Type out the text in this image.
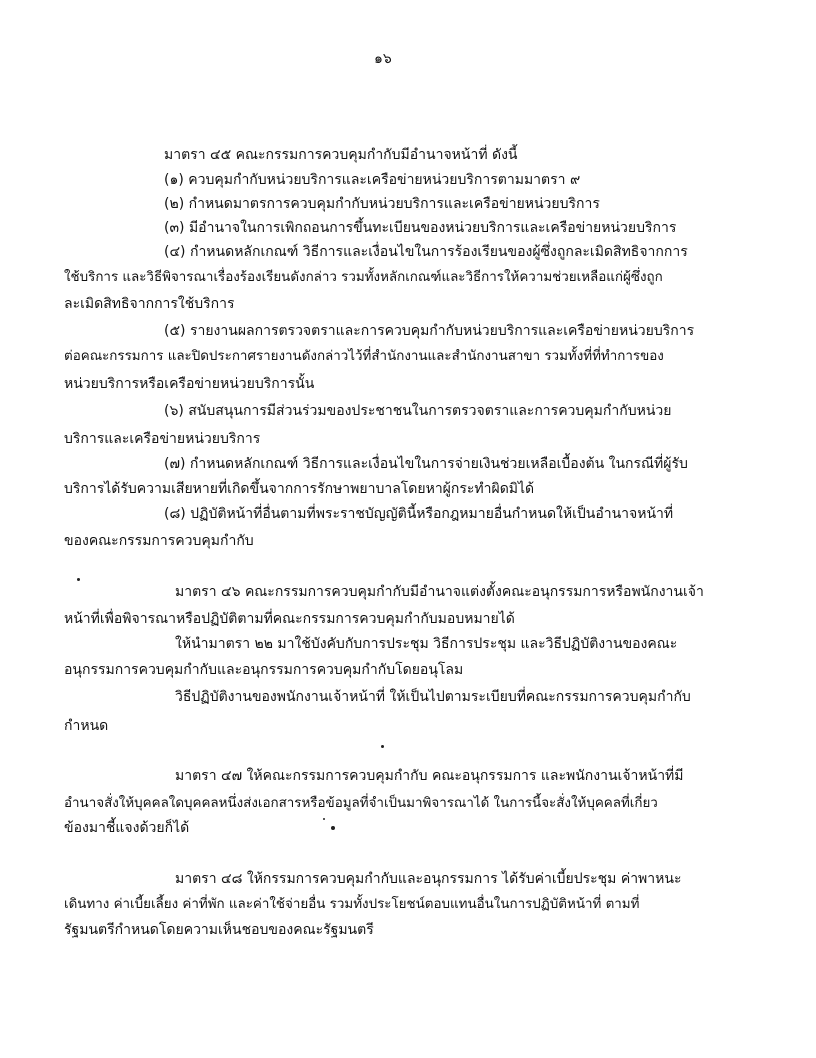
๑๖
มาตรา ๔๕ คณะกรรมการควบคุมกำกับมีอำนาจหน้าที่ ดังนี้
(๑) ควบคุมกำกับหน่วยบริการและเครือข่ายหน่วยบริการตามมาตรา ๙
(๒) กำหนดมาตรการควบคุมกำกับหน่วยบริการและเครือข่ายหน่วยบริการ
(๓) มีอำนาจในการเพิกถอนการขึ้นทะเบียนของหน่วยบริการและเครือข่ายหน่วยบริการ
(๔) กำหนดหลักเกณฑ์ วิธีการและเงื่อนไขในการร้องเรียนของผู้ซึ่งถูกละเมิดสิทธิจากการ
ใช้บริการ และวิธีพิจารณาเรื่องร้องเรียนดังกล่าว รวมทั้งหลักเกณฑ์และวิธีการให้ความช่วยเหลือแก่ผู้ซึ่งถูก
ละเมิดสิทธิจากการใช้บริการ
(๕) รายงานผลการตรวจตราและการควบคุมกำกับหน่วยบริการและเครือข่ายหน่วยบริการ
ต่อคณะกรรมการ และปิดประกาศรายงานดังกล่าวไว้ที่สำนักงานและสำนักงานสาขา รวมทั้งที่ที่ทำการของ
หน่วยบริการหรือเครือข่ายหน่วยบริการนั้น
(๖) สนับสนุนการมีส่วนร่วมของประชาชนในการตรวจตราและการควบคุมกำกับหน่วย
บริการและเครือข่ายหน่วยบริการ
(๗) กำหนดหลักเกณฑ์ วิธีการและเงื่อนไขในการจ่ายเงินช่วยเหลือเบื้องต้น ในกรณีที่ผู้รับ
บริการได้รับความเสียหายที่เกิดขึ้นจากการรักษาพยาบาลโดยหาผู้กระทำผิดมิได้
(๘) ปฏิบัติหน้าที่อื่นตามที่พระราชบัญญัตินี้หรือกฎหมายอื่นกำหนดให้เป็นอำนาจหน้าที่
ของคณะกรรมการควบคุมกำกับ
มาตรา ๔๖ คณะกรรมการควบคุมกำกับมีอำนาจแต่งตั้งคณะอนุกรรมการหรือพนักงานเจ้า
หน้าที่เพื่อพิจารณาหรือปฏิบัติตามที่คณะกรรมการควบคุมกำกับมอบหมายได้
ให้นำมาตรา ๒๒ มาใช้บังคับกับการประชุม วิธีการประชุม และวิธีปฏิบัติงานของคณะ
อนุกรรมการควบคุมกำกับและอนุกรรมการควบคุมกำกับโดยอนุโลม
วิธีปฏิบัติงานของพนักงานเจ้าหน้าที่ ให้เป็นไปตามระเบียบที่คณะกรรมการควบคุมกำกับ
กำหนด
มาตรา ๔๗ ให้คณะกรรมการควบคุมกำกับ คณะอนุกรรมการ และพนักงานเจ้าหน้าที่มี
อำนาจสั่งให้บุคคลใดบุคคลหนึ่งส่งเอกสารหรือข้อมูลที่จำเป็นมาพิจารณาได้ ในการนี้จะสั่งให้บุคคลที่เกี่ยว
ข้องมาชี้แจงด้วยก็ได้
มาตรา ๔๘ ให้กรรมการควบคุมกำกับและอนุกรรมการ ได้รับค่าเบี้ยประชุม ค่าพาหนะ
เดินทาง ค่าเบี้ยเลี้ยง ค่าที่พัก และค่าใช้จ่ายอื่น รวมทั้งประโยชน์ตอบแทนอื่นในการปฏิบัติหน้าที่ ตามที่
รัฐมนตรีกำหนดโดยความเห็นชอบของคณะรัฐมนตรี
